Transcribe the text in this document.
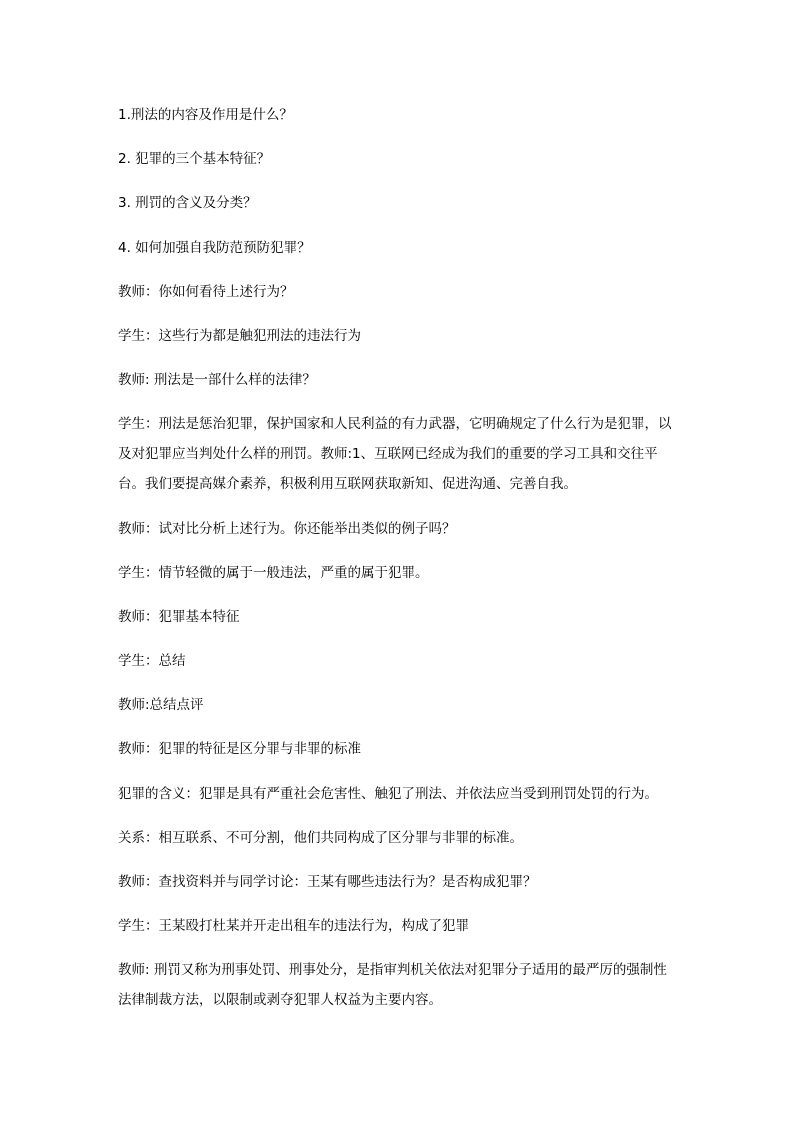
1.刑法的内容及作用是什么？

2. 犯罪的三个基本特征？

3. 刑罚的含义及分类？

4. 如何加强自我防范预防犯罪？

教师：你如何看待上述行为？

学生：这些行为都是触犯刑法的违法行为

教师: 刑法是一部什么样的法律？

学生：刑法是惩治犯罪，保护国家和人民利益的有力武器，它明确规定了什么行为是犯罪，以及对犯罪应当判处什么样的刑罚。教师:1、互联网已经成为我们的重要的学习工具和交往平台。我们要提高媒介素养，积极利用互联网获取新知、促进沟通、完善自我。

教师：试对比分析上述行为。你还能举出类似的例子吗？

学生：情节轻微的属于一般违法，严重的属于犯罪。

教师：犯罪基本特征

学生：总结

教师:总结点评

教师：犯罪的特征是区分罪与非罪的标准

犯罪的含义：犯罪是具有严重社会危害性、触犯了刑法、并依法应当受到刑罚处罚的行为。

关系：相互联系、不可分割，他们共同构成了区分罪与非罪的标准。

教师：查找资料并与同学讨论：王某有哪些违法行为？是否构成犯罪？

学生：王某殴打杜某并开走出租车的违法行为，构成了犯罪

教师: 刑罚又称为刑事处罚、刑事处分，是指审判机关依法对犯罪分子适用的最严厉的强制性法律制裁方法，以限制或剥夺犯罪人权益为主要内容。
